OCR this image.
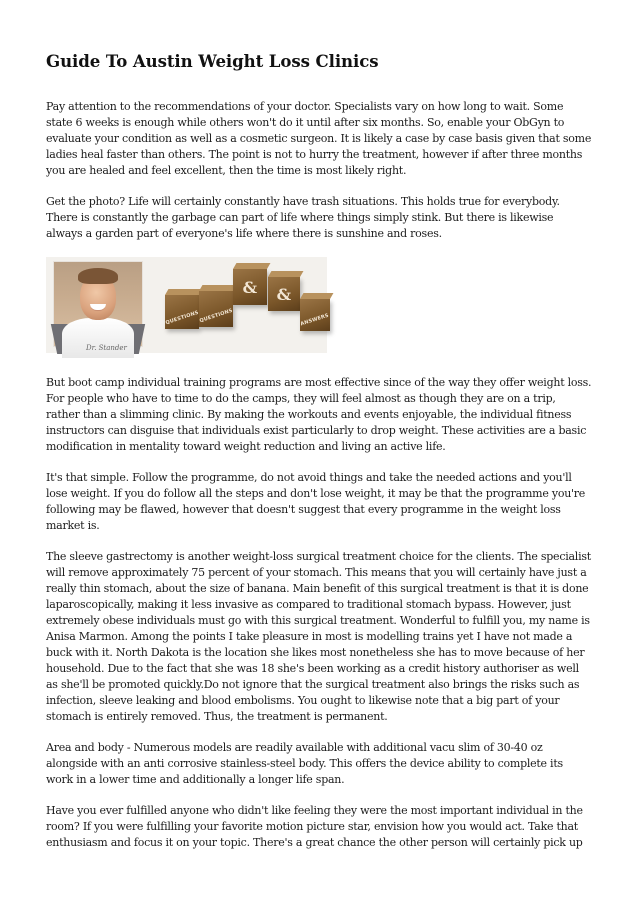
Guide To Austin Weight Loss Clinics

Pay attention to the recommendations of your doctor. Specialists vary on how long to wait. Some state 6 weeks is enough while others won't do it until after six months. So, enable your ObGyn to evaluate your condition as well as a cosmetic surgeon. It is likely a case by case basis given that some ladies heal faster than others. The point is not to hurry the treatment, however if after three months you are healed and feel excellent, then the time is most likely right.

Get the photo? Life will certainly constantly have trash situations. This holds true for everybody. There is constantly the garbage can part of life where things simply stink. But there is likewise always a garden part of everyone's life where there is sunshine and roses.

Dr. Stander
QUESTIONS QUESTIONS
& &
ANSWERS

But boot camp individual training programs are most effective since of the way they offer weight loss. For people who have to time to do the camps, they will feel almost as though they are on a trip, rather than a slimming clinic. By making the workouts and events enjoyable, the individual fitness instructors can disguise that individuals exist particularly to drop weight. These activities are a basic modification in mentality toward weight reduction and living an active life.

It's that simple. Follow the programme, do not avoid things and take the needed actions and you'll lose weight. If you do follow all the steps and don't lose weight, it may be that the programme you're following may be flawed, however that doesn't suggest that every programme in the weight loss market is.

The sleeve gastrectomy is another weight-loss surgical treatment choice for the clients. The specialist will remove approximately 75 percent of your stomach. This means that you will certainly have just a really thin stomach, about the size of banana. Main benefit of this surgical treatment is that it is done laparoscopically, making it less invasive as compared to traditional stomach bypass. However, just extremely obese individuals must go with this surgical treatment. Wonderful to fulfill you, my name is Anisa Marmon. Among the points I take pleasure in most is modelling trains yet I have not made a buck with it. North Dakota is the location she likes most nonetheless she has to move because of her household. Due to the fact that she was 18 she's been working as a credit history authoriser as well as she'll be promoted quickly.Do not ignore that the surgical treatment also brings the risks such as infection, sleeve leaking and blood embolisms. You ought to likewise note that a big part of your stomach is entirely removed. Thus, the treatment is permanent.

Area and body - Numerous models are readily available with additional vacu slim of 30-40 oz alongside with an anti corrosive stainless-steel body. This offers the device ability to complete its work in a lower time and additionally a longer life span.

Have you ever fulfilled anyone who didn't like feeling they were the most important individual in the room? If you were fulfilling your favorite motion picture star, envision how you would act. Take that enthusiasm and focus it on your topic. There's a great chance the other person will certainly pick up
